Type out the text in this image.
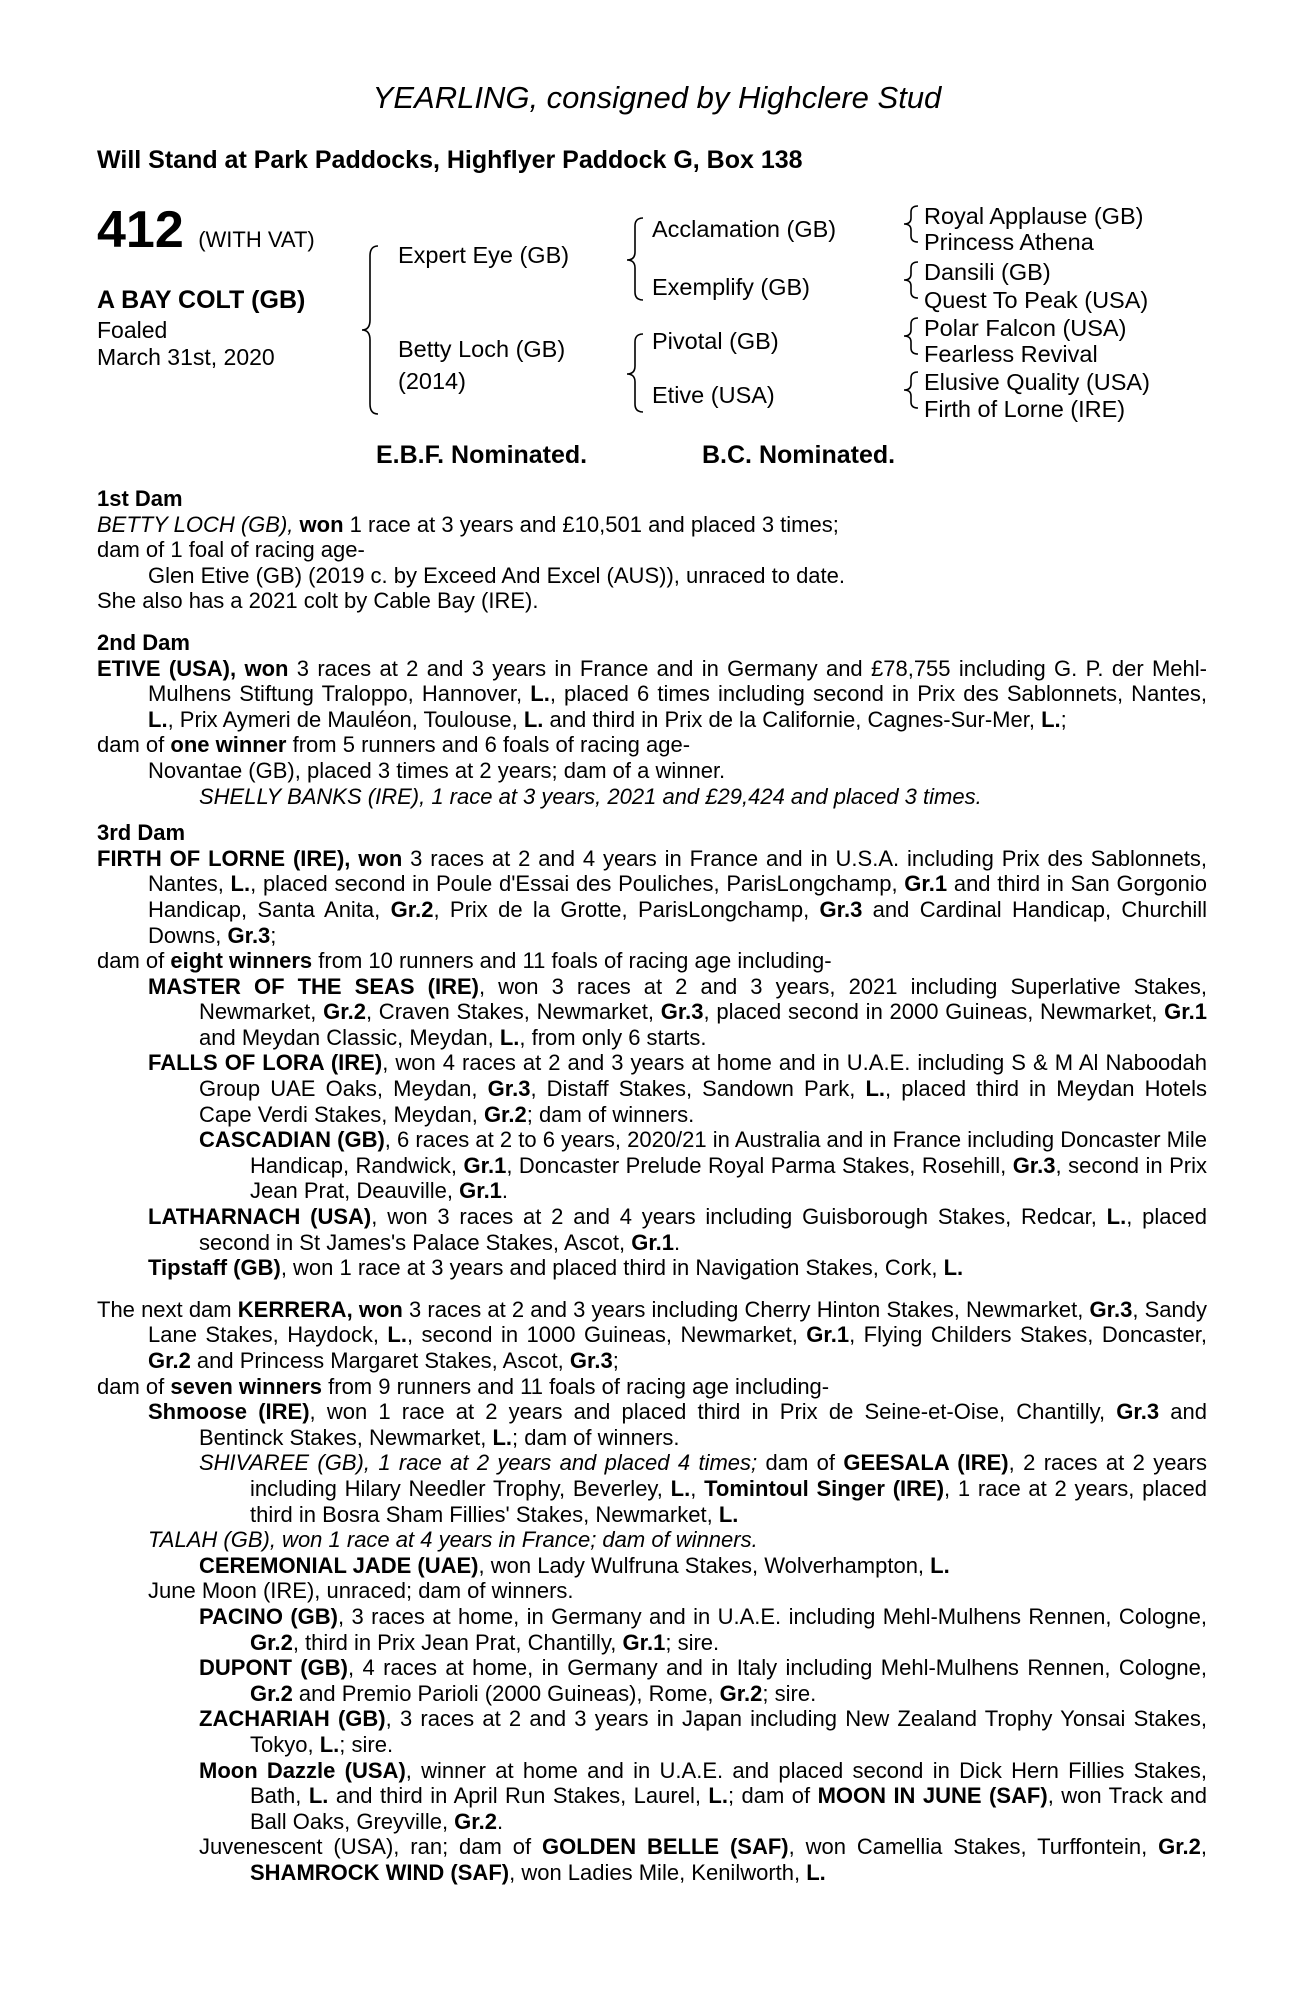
YEARLING, consigned by Highclere Stud
Will Stand at Park Paddocks, Highflyer Paddock G, Box 138
412 (WITH VAT)
A BAY COLT (GB)
Foaled
March 31st, 2020
Expert Eye (GB)
Betty Loch (GB)
(2014)
Acclamation (GB)
Exemplify (GB)
Pivotal (GB)
Etive (USA)
Royal Applause (GB)
Princess Athena
Dansili (GB)
Quest To Peak (USA)
Polar Falcon (USA)
Fearless Revival
Elusive Quality (USA)
Firth of Lorne (IRE)
E.B.F. Nominated.	B.C. Nominated.
1st Dam

BETTY LOCH (GB), won 1 race at 3 years and £10,501 and placed 3 times;

dam of 1 foal of racing age-

Glen Etive (GB) (2019 c. by Exceed And Excel (AUS)), unraced to date.

She also has a 2021 colt by Cable Bay (IRE).

2nd Dam

ETIVE (USA), won 3 races at 2 and 3 years in France and in Germany and £78,755 including G. P. der Mehl-Mulhens Stiftung Traloppo, Hannover, L., placed 6 times including second in Prix des Sablonnets, Nantes, L., Prix Aymeri de Mauléon, Toulouse, L. and third in Prix de la Californie, Cagnes-Sur-Mer, L.;

dam of one winner from 5 runners and 6 foals of racing age-

Novantae (GB), placed 3 times at 2 years; dam of a winner.

SHELLY BANKS (IRE), 1 race at 3 years, 2021 and £29,424 and placed 3 times.

3rd Dam

FIRTH OF LORNE (IRE), won 3 races at 2 and 4 years in France and in U.S.A. including Prix des Sablonnets, Nantes, L., placed second in Poule d'Essai des Pouliches, ParisLongchamp, Gr.1 and third in San Gorgonio Handicap, Santa Anita, Gr.2, Prix de la Grotte, ParisLongchamp, Gr.3 and Cardinal Handicap, Churchill Downs, Gr.3;

dam of eight winners from 10 runners and 11 foals of racing age including-

MASTER OF THE SEAS (IRE), won 3 races at 2 and 3 years, 2021 including Superlative Stakes, Newmarket, Gr.2, Craven Stakes, Newmarket, Gr.3, placed second in 2000 Guineas, Newmarket, Gr.1 and Meydan Classic, Meydan, L., from only 6 starts.

FALLS OF LORA (IRE), won 4 races at 2 and 3 years at home and in U.A.E. including S & M Al Naboodah Group UAE Oaks, Meydan, Gr.3, Distaff Stakes, Sandown Park, L., placed third in Meydan Hotels Cape Verdi Stakes, Meydan, Gr.2; dam of winners.

CASCADIAN (GB), 6 races at 2 to 6 years, 2020/21 in Australia and in France including Doncaster Mile Handicap, Randwick, Gr.1, Doncaster Prelude Royal Parma Stakes, Rosehill, Gr.3, second in Prix Jean Prat, Deauville, Gr.1.

LATHARNACH (USA), won 3 races at 2 and 4 years including Guisborough Stakes, Redcar, L., placed second in St James's Palace Stakes, Ascot, Gr.1.

Tipstaff (GB), won 1 race at 3 years and placed third in Navigation Stakes, Cork, L.

The next dam KERRERA, won 3 races at 2 and 3 years including Cherry Hinton Stakes, Newmarket, Gr.3, Sandy Lane Stakes, Haydock, L., second in 1000 Guineas, Newmarket, Gr.1, Flying Childers Stakes, Doncaster, Gr.2 and Princess Margaret Stakes, Ascot, Gr.3;

dam of seven winners from 9 runners and 11 foals of racing age including-

Shmoose (IRE), won 1 race at 2 years and placed third in Prix de Seine-et-Oise, Chantilly, Gr.3 and Bentinck Stakes, Newmarket, L.; dam of winners.

SHIVAREE (GB), 1 race at 2 years and placed 4 times; dam of GEESALA (IRE), 2 races at 2 years including Hilary Needler Trophy, Beverley, L., Tomintoul Singer (IRE), 1 race at 2 years, placed third in Bosra Sham Fillies' Stakes, Newmarket, L.

TALAH (GB), won 1 race at 4 years in France; dam of winners.

CEREMONIAL JADE (UAE), won Lady Wulfruna Stakes, Wolverhampton, L.

June Moon (IRE), unraced; dam of winners.

PACINO (GB), 3 races at home, in Germany and in U.A.E. including Mehl-Mulhens Rennen, Cologne, Gr.2, third in Prix Jean Prat, Chantilly, Gr.1; sire.

DUPONT (GB), 4 races at home, in Germany and in Italy including Mehl-Mulhens Rennen, Cologne, Gr.2 and Premio Parioli (2000 Guineas), Rome, Gr.2; sire.

ZACHARIAH (GB), 3 races at 2 and 3 years in Japan including New Zealand Trophy Yonsai Stakes, Tokyo, L.; sire.

Moon Dazzle (USA), winner at home and in U.A.E. and placed second in Dick Hern Fillies Stakes, Bath, L. and third in April Run Stakes, Laurel, L.; dam of MOON IN JUNE (SAF), won Track and Ball Oaks, Greyville, Gr.2.

Juvenescent (USA), ran; dam of GOLDEN BELLE (SAF), won Camellia Stakes, Turffontein, Gr.2, SHAMROCK WIND (SAF), won Ladies Mile, Kenilworth, L.
